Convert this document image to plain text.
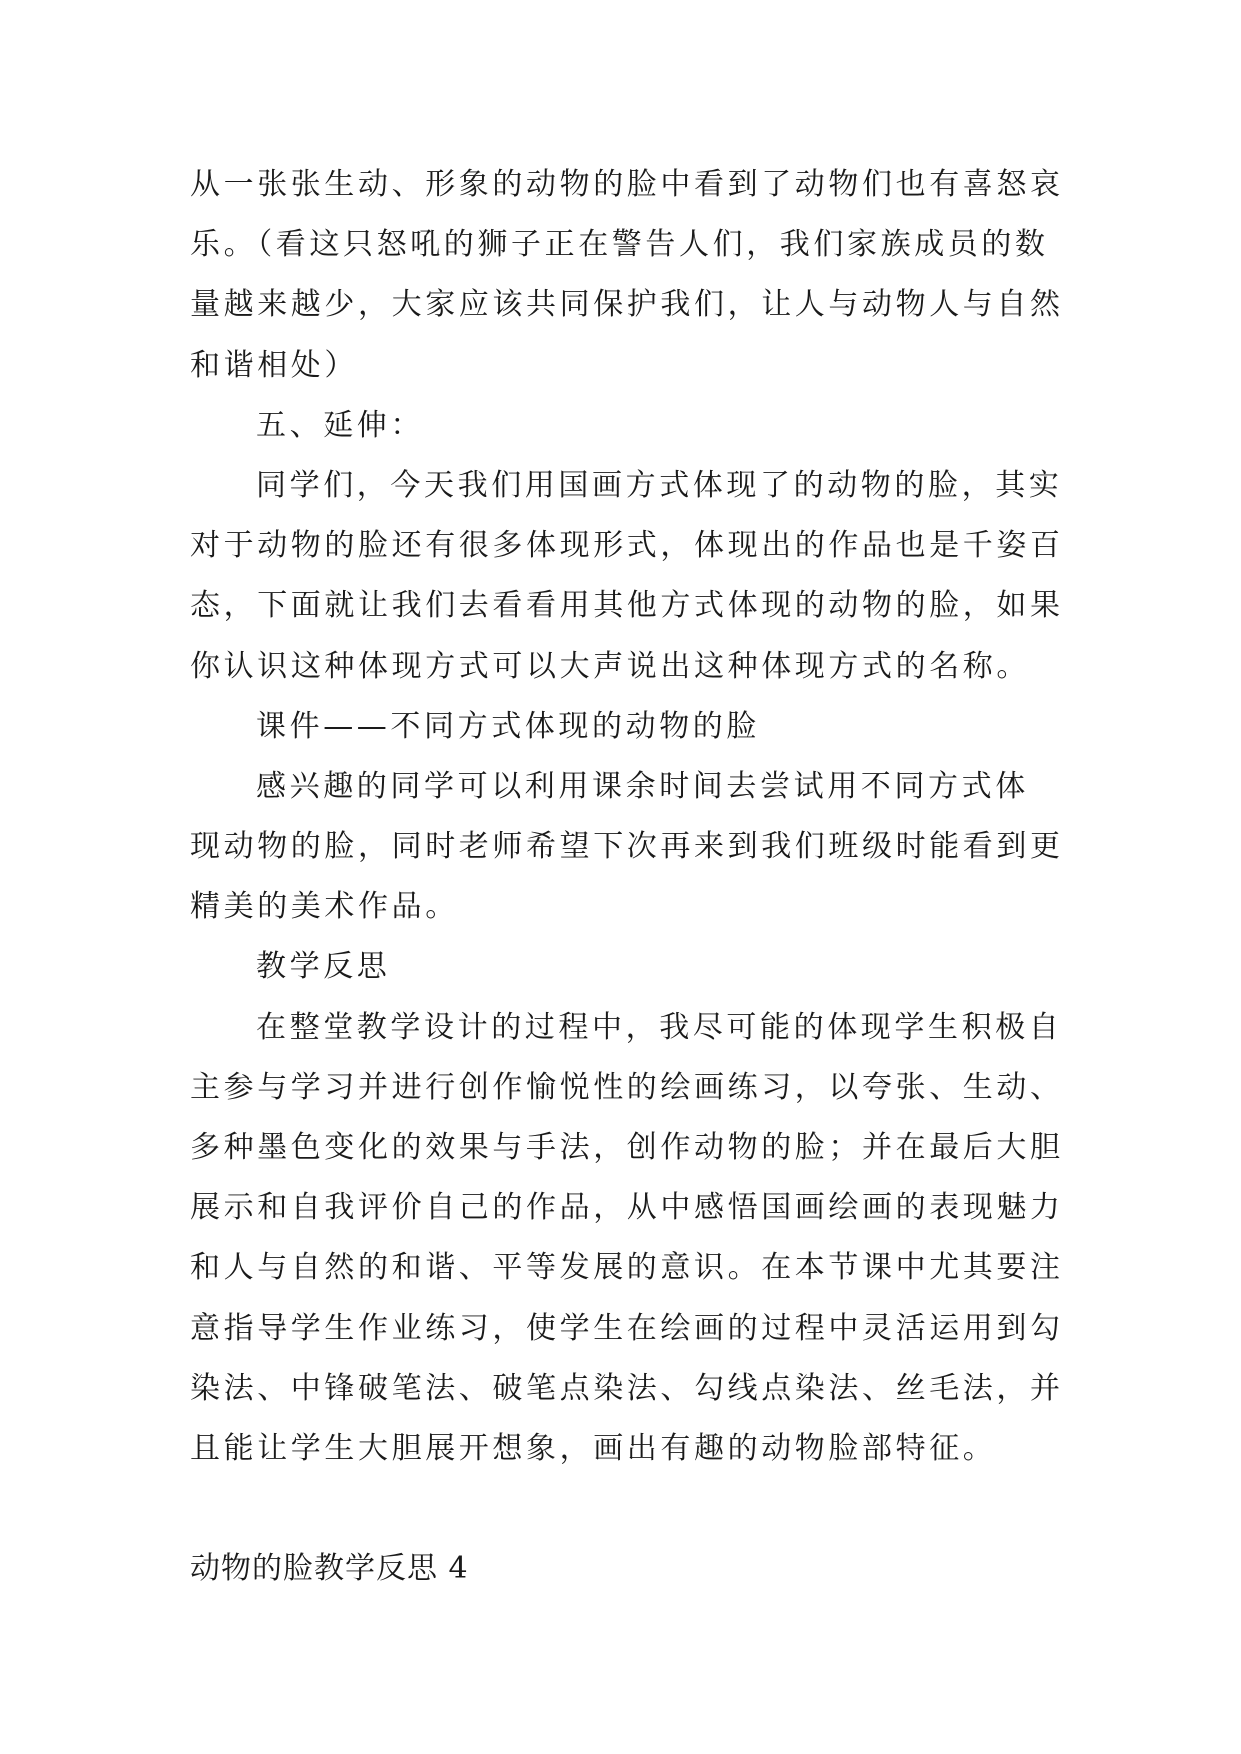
从一张张生动、形象的动物的脸中看到了动物们也有喜怒哀
乐。（看这只怒吼的狮子正在警告人们，我们家族成员的数
量越来越少，大家应该共同保护我们，让人与动物人与自然
和谐相处）
五、延伸：
同学们，今天我们用国画方式体现了的动物的脸，其实
对于动物的脸还有很多体现形式，体现出的作品也是千姿百
态，下面就让我们去看看用其他方式体现的动物的脸，如果
你认识这种体现方式可以大声说出这种体现方式的名称。
课件——不同方式体现的动物的脸
感兴趣的同学可以利用课余时间去尝试用不同方式体
现动物的脸，同时老师希望下次再来到我们班级时能看到更
精美的美术作品。
教学反思
在整堂教学设计的过程中，我尽可能的体现学生积极自
主参与学习并进行创作愉悦性的绘画练习，以夸张、生动、
多种墨色变化的效果与手法，创作动物的脸；并在最后大胆
展示和自我评价自己的作品，从中感悟国画绘画的表现魅力
和人与自然的和谐、平等发展的意识。在本节课中尤其要注
意指导学生作业练习，使学生在绘画的过程中灵活运用到勾
染法、中锋破笔法、破笔点染法、勾线点染法、丝毛法，并
且能让学生大胆展开想象，画出有趣的动物脸部特征。
动物的脸教学反思 4
